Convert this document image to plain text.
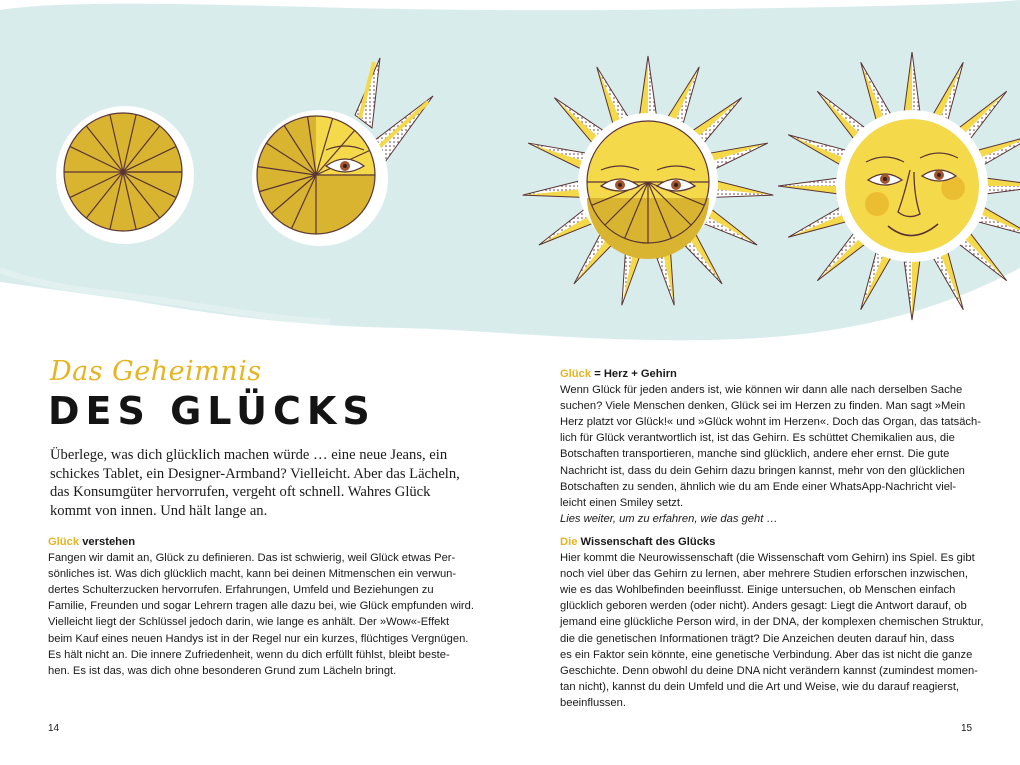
Das Geheimnis
DES GLÜCKS

Überlege, was dich glücklich machen würde … eine neue Jeans, ein
schickes Tablet, ein Designer-Armband? Vielleicht. Aber das Lächeln,
das Konsumgüter hervorrufen, vergeht oft schnell. Wahres Glück
kommt von innen. Und hält lange an.

Glück verstehen

Fangen wir damit an, Glück zu definieren. Das ist schwierig, weil Glück etwas Per-
sönliches ist. Was dich glücklich macht, kann bei deinen Mitmenschen ein verwun-
dertes Schulterzucken hervorrufen. Erfahrungen, Umfeld und Beziehungen zu
Familie, Freunden und sogar Lehrern tragen alle dazu bei, wie Glück empfunden wird.
Vielleicht liegt der Schlüssel jedoch darin, wie lange es anhält. Der »Wow«-Effekt
beim Kauf eines neuen Handys ist in der Regel nur ein kurzes, flüchtiges Vergnügen.
Es hält nicht an. Die innere Zufriedenheit, wenn du dich erfüllt fühlst, bleibt beste-
hen. Es ist das, was dich ohne besonderen Grund zum Lächeln bringt.

Glück = Herz + Gehirn

Wenn Glück für jeden anders ist, wie können wir dann alle nach derselben Sache
suchen? Viele Menschen denken, Glück sei im Herzen zu finden. Man sagt »Mein
Herz platzt vor Glück!« und »Glück wohnt im Herzen«. Doch das Organ, das tatsäch-
lich für Glück verantwortlich ist, ist das Gehirn. Es schüttet Chemikalien aus, die
Botschaften transportieren, manche sind glücklich, andere eher ernst. Die gute
Nachricht ist, dass du dein Gehirn dazu bringen kannst, mehr von den glücklichen
Botschaften zu senden, ähnlich wie du am Ende einer WhatsApp-Nachricht viel-
leicht einen Smiley setzt.
Lies weiter, um zu erfahren, wie das geht …

Die Wissenschaft des Glücks

Hier kommt die Neurowissenschaft (die Wissenschaft vom Gehirn) ins Spiel. Es gibt
noch viel über das Gehirn zu lernen, aber mehrere Studien erforschen inzwischen,
wie es das Wohlbefinden beeinflusst. Einige untersuchen, ob Menschen einfach
glücklich geboren werden (oder nicht). Anders gesagt: Liegt die Antwort darauf, ob
jemand eine glückliche Person wird, in der DNA, der komplexen chemischen Struktur,
die die genetischen Informationen trägt? Die Anzeichen deuten darauf hin, dass
es ein Faktor sein könnte, eine genetische Verbindung. Aber das ist nicht die ganze
Geschichte. Denn obwohl du deine DNA nicht verändern kannst (zumindest momen-
tan nicht), kannst du dein Umfeld und die Art und Weise, wie du darauf reagierst,
beeinflussen.

14	15
